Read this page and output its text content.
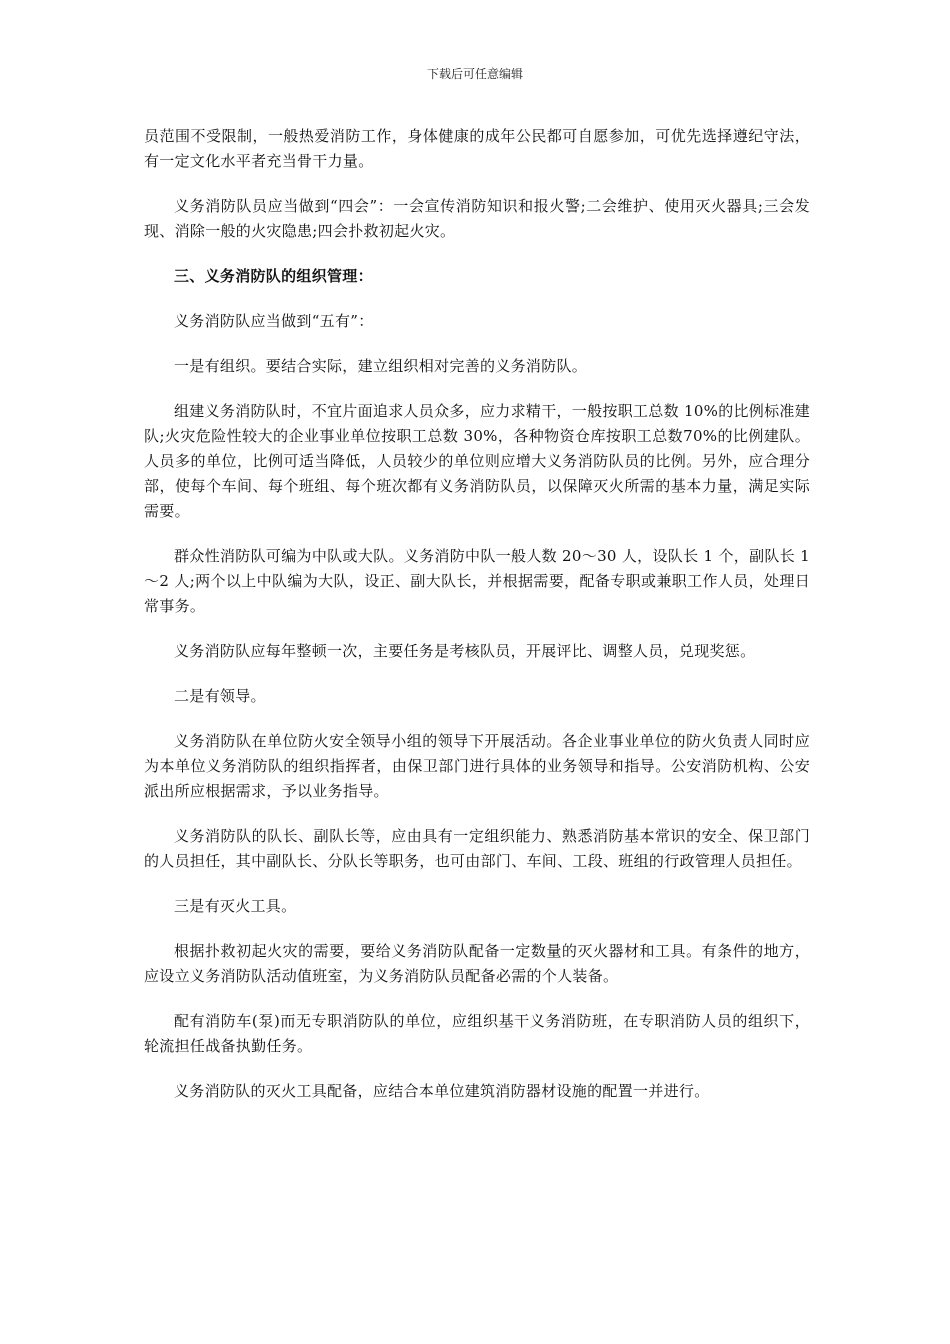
下载后可任意编辑

员范围不受限制，一般热爱消防工作，身体健康的成年公民都可自愿参加，可优先选择遵纪守法，有一定文化水平者充当骨干力量。

义务消防队员应当做到“四会”：一会宣传消防知识和报火警;二会维护、使用灭火器具;三会发现、消除一般的火灾隐患;四会扑救初起火灾。

三、义务消防队的组织管理：

义务消防队应当做到“五有”：

一是有组织。要结合实际，建立组织相对完善的义务消防队。

组建义务消防队时，不宜片面追求人员众多，应力求精干，一般按职工总数 10%的比例标准建队;火灾危险性较大的企业事业单位按职工总数 30%，各种物资仓库按职工总数70%的比例建队。人员多的单位，比例可适当降低，人员较少的单位则应增大义务消防队员的比例。另外，应合理分部，使每个车间、每个班组、每个班次都有义务消防队员，以保障灭火所需的基本力量，满足实际需要。

群众性消防队可编为中队或大队。义务消防中队一般人数 20～30 人，设队长 1 个，副队长 1～2 人;两个以上中队编为大队，设正、副大队长，并根据需要，配备专职或兼职工作人员，处理日常事务。

义务消防队应每年整顿一次，主要任务是考核队员，开展评比、调整人员，兑现奖惩。

二是有领导。

义务消防队在单位防火安全领导小组的领导下开展活动。各企业事业单位的防火负责人同时应为本单位义务消防队的组织指挥者，由保卫部门进行具体的业务领导和指导。公安消防机构、公安派出所应根据需求，予以业务指导。

义务消防队的队长、副队长等，应由具有一定组织能力、熟悉消防基本常识的安全、保卫部门的人员担任，其中副队长、分队长等职务，也可由部门、车间、工段、班组的行政管理人员担任。

三是有灭火工具。

根据扑救初起火灾的需要，要给义务消防队配备一定数量的灭火器材和工具。有条件的地方，应设立义务消防队活动值班室，为义务消防队员配备必需的个人装备。

配有消防车(泵)而无专职消防队的单位，应组织基干义务消防班，在专职消防人员的组织下，轮流担任战备执勤任务。

义务消防队的灭火工具配备，应结合本单位建筑消防器材设施的配置一并进行。
